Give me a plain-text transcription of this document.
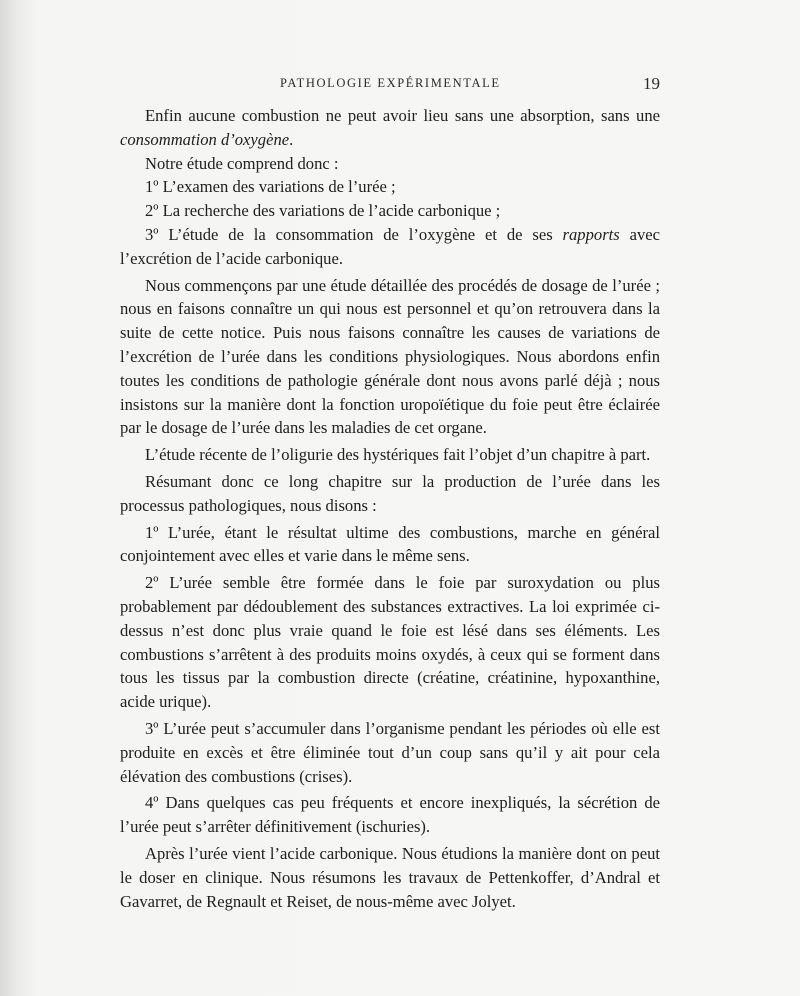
PATHOLOGIE EXPÉRIMENTALE	19

Enfin aucune combustion ne peut avoir lieu sans une absorption, sans une consommation d’oxygène.

Notre étude comprend donc :

1º L’examen des variations de l’urée ;

2º La recherche des variations de l’acide carbonique ;

3º L’étude de la consommation de l’oxygène et de ses rapports avec l’excrétion de l’acide carbonique.

Nous commençons par une étude détaillée des procédés de dosage de l’urée ; nous en faisons connaître un qui nous est personnel et qu’on retrouvera dans la suite de cette notice. Puis nous faisons connaître les causes de variations de l’excrétion de l’urée dans les conditions physiologiques. Nous abordons enfin toutes les conditions de pathologie générale dont nous avons parlé déjà ; nous insistons sur la manière dont la fonction uropoïétique du foie peut être éclairée par le dosage de l’urée dans les maladies de cet organe.

L’étude récente de l’oligurie des hystériques fait l’objet d’un chapitre à part.

Résumant donc ce long chapitre sur la production de l’urée dans les processus pathologiques, nous disons :

1º L’urée, étant le résultat ultime des combustions, marche en général conjointement avec elles et varie dans le même sens.

2º L’urée semble être formée dans le foie par suroxydation ou plus probablement par dédoublement des substances extractives. La loi exprimée ci-dessus n’est donc plus vraie quand le foie est lésé dans ses éléments. Les combustions s’arrêtent à des produits moins oxydés, à ceux qui se forment dans tous les tissus par la combustion directe (créatine, créatinine, hypoxanthine, acide urique).

3º L’urée peut s’accumuler dans l’organisme pendant les périodes où elle est produite en excès et être éliminée tout d’un coup sans qu’il y ait pour cela élévation des combustions (crises).

4º Dans quelques cas peu fréquents et encore inexpliqués, la sécrétion de l’urée peut s’arrêter définitivement (ischuries).

Après l’urée vient l’acide carbonique. Nous étudions la manière dont on peut le doser en clinique. Nous résumons les travaux de Pettenkoffer, d’Andral et Gavarret, de Regnault et Reiset, de nous-même avec Jolyet.
